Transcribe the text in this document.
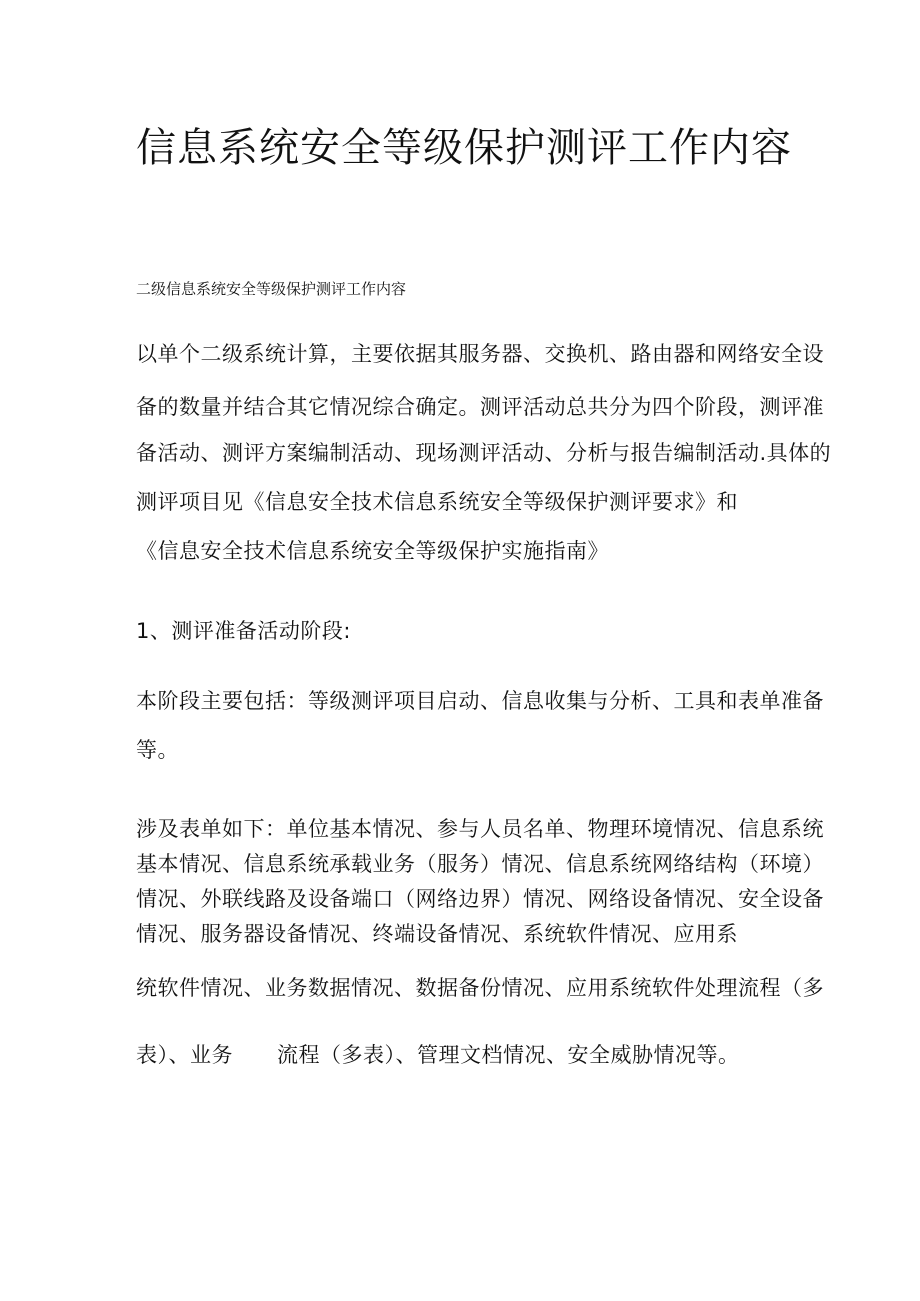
信息系统安全等级保护测评工作内容

二级信息系统安全等级保护测评工作内容

以单个二级系统计算，主要依据其服务器、交换机、路由器和网络安全设

备的数量并结合其它情况综合确定。测评活动总共分为四个阶段，测评准

备活动、测评方案编制活动、现场测评活动、分析与报告编制活动.具体的

测评项目见《信息安全技术信息系统安全等级保护测评要求》和

《信息安全技术信息系统安全等级保护实施指南》

1、测评准备活动阶段:

本阶段主要包括：等级测评项目启动、信息收集与分析、工具和表单准备

等。

涉及表单如下：单位基本情况、参与人员名单、物理环境情况、信息系统

基本情况、信息系统承载业务（服务）情况、信息系统网络结构（环境）

情况、外联线路及设备端口（网络边界）情况、网络设备情况、安全设备

情况、服务器设备情况、终端设备情况、系统软件情况、应用系

统软件情况、业务数据情况、数据备份情况、应用系统软件处理流程（多

表）、业务 流程（多表）、管理文档情况、安全威胁情况等。
